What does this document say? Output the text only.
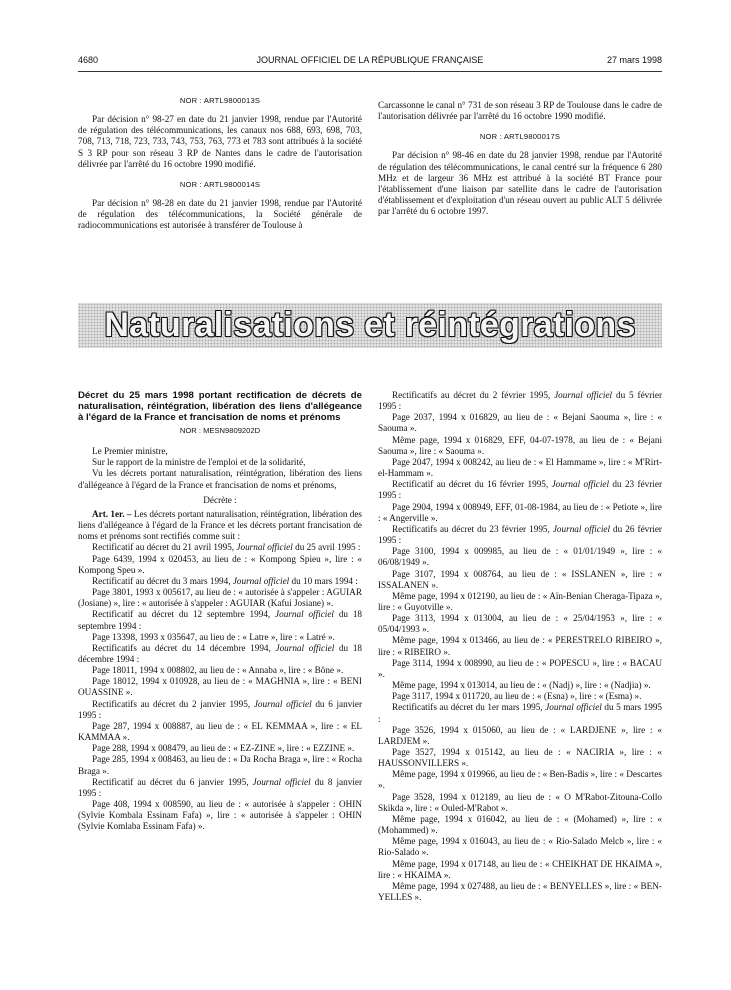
4680	JOURNAL OFFICIEL DE LA RÉPUBLIQUE FRANÇAISE	27 mars 1998
NOR : ARTL9800013S

Par décision n° 98-27 en date du 21 janvier 1998, rendue par l'Autorité de régulation des télécommunications, les canaux nos 688, 693, 698, 703, 708, 713, 718, 723, 733, 743, 753, 763, 773 et 783 sont attribués à la société S 3 RP pour son réseau 3 RP de Nantes dans le cadre de l'autorisation délivrée par l'arrêté du 16 octobre 1990 modifié.

NOR : ARTL9800014S

Par décision n° 98-28 en date du 21 janvier 1998, rendue par l'Autorité de régulation des télécommunications, la Société générale de radiocommunications est autorisée à transférer de Toulouse à

Carcassonne le canal n° 731 de son réseau 3 RP de Toulouse dans le cadre de l'autorisation délivrée par l'arrêté du 16 octobre 1990 modifié.

NOR : ARTL9800017S

Par décision n° 98-46 en date du 28 janvier 1998, rendue par l'Autorité de régulation des télécommunications, le canal centré sur la fréquence 6 280 MHz et de largeur 36 MHz est attribué à la société BT France pour l'établissement d'une liaison par satellite dans le cadre de l'autorisation d'établissement et d'exploitation d'un réseau ouvert au public ALT 5 délivrée par l'arrêté du 6 octobre 1997.

Naturalisations et réintégrations
Décret du 25 mars 1998 portant rectification de décrets de naturalisation, réintégration, libération des liens d'allégeance à l'égard de la France et francisation de noms et prénoms
NOR : MESN9809202D

Le Premier ministre,

Sur le rapport de la ministre de l'emploi et de la solidarité,

Vu les décrets portant naturalisation, réintégration, libération des liens d'allégeance à l'égard de la France et francisation de noms et prénoms,

Décrète :

Art. 1er. – Les décrets portant naturalisation, réintégration, libération des liens d'allégeance à l'égard de la France et les décrets portant francisation de noms et prénoms sont rectifiés comme suit :

Rectificatif au décret du 21 avril 1995, Journal officiel du 25 avril 1995 :

Page 6439, 1994 x 020453, au lieu de : « Kompong Spieu », lire : « Kompong Speu ».

Rectificatif au décret du 3 mars 1994, Journal officiel du 10 mars 1994 :

Page 3801, 1993 x 005617, au lieu de : « autorisée à s'appeler : AGUIAR (Josiane) », lire : « autorisée à s'appeler : AGUIAR (Kafui Josiane) ».

Rectificatif au décret du 12 septembre 1994, Journal officiel du 18 septembre 1994 :

Page 13398, 1993 x 035647, au lieu de : « Latre », lire : « Latré ».

Rectificatifs au décret du 14 décembre 1994, Journal officiel du 18 décembre 1994 :

Page 18011, 1994 x 008802, au lieu de : « Annaba », lire : « Bône ».

Page 18012, 1994 x 010928, au lieu de : « MAGHNIA », lire : « BENI OUASSINE ».

Rectificatifs au décret du 2 janvier 1995, Journal officiel du 6 janvier 1995 :

Page 287, 1994 x 008887, au lieu de : « EL KEMMAA », lire : « EL KAMMAA ».

Page 288, 1994 x 008479, au lieu de : « EZ-ZINE », lire : « EZZINE ».

Page 285, 1994 x 008463, au lieu de : « Da Rocha Braga », lire : « Rocha Braga ».

Rectificatif au décret du 6 janvier 1995, Journal officiel du 8 janvier 1995 :

Page 408, 1994 x 008590, au lieu de : « autorisée à s'appeler : OHIN (Sylvie Kombala Essinam Fafa) », lire : « autorisée à s'appeler : OHIN (Sylvie Komlaba Essinam Fafa) ».

Rectificatifs au décret du 2 février 1995, Journal officiel du 5 février 1995 :

Page 2037, 1994 x 016829, au lieu de : « Bejani Saouma », lire : « Saouma ».

Même page, 1994 x 016829, EFF, 04-07-1978, au lieu de : « Bejani Saouma », lire : « Saouma ».

Page 2047, 1994 x 008242, au lieu de : « El Hammame », lire : « M'Rirt-el-Hammam ».

Rectificatif au décret du 16 février 1995, Journal officiel du 23 février 1995 :

Page 2904, 1994 x 008949, EFF, 01-08-1984, au lieu de : « Petiote », lire : « Angerville ».

Rectificatifs au décret du 23 février 1995, Journal officiel du 26 février 1995 :

Page 3100, 1994 x 009985, au lieu de : « 01/01/1949 », lire : « 06/08/1949 ».

Page 3107, 1994 x 008764, au lieu de : « ISSLANEN », lire : « ISSALANEN ».

Même page, 1994 x 012190, au lieu de : « Aïn-Benian Cheraga-Tipaza », lire : « Guyotville ».

Page 3113, 1994 x 013004, au lieu de : « 25/04/1953 », lire : « 05/04/1993 ».

Même page, 1994 x 013466, au lieu de : « PERESTRELO RIBEIRO », lire : « RIBEIRO ».

Page 3114, 1994 x 008990, au lieu de : « POPESCU », lire : « BACAU ».

Même page, 1994 x 013014, au lieu de : « (Nadj) », lire : « (Nadjia) ».

Page 3117, 1994 x 011720, au lieu de : « (Esna) », lire : « (Esma) ».

Rectificatifs au décret du 1er mars 1995, Journal officiel du 5 mars 1995 :

Page 3526, 1994 x 015060, au lieu de : « LARDJENE », lire : « LARDJEM ».

Page 3527, 1994 x 015142, au lieu de : « NACIRIA », lire : « HAUSSONVILLERS ».

Même page, 1994 x 019966, au lieu de : « Ben-Badis », lire : « Descartes ».

Page 3528, 1994 x 012189, au lieu de : « O M'Rabot-Zitouna-Collo Skikda », lire : « Ouled-M'Rabot ».

Même page, 1994 x 016042, au lieu de : « (Mohamed) », lire : « (Mohammed) ».

Même page, 1994 x 016043, au lieu de : « Rio-Salado Melcb », lire : « Rio-Salado ».

Même page, 1994 x 017148, au lieu de : « CHEIKHAT DE HKAIMA », lire : « HKAIMA ».

Même page, 1994 x 027488, au lieu de : « BENYELLES », lire : « BEN-YELLES ».
